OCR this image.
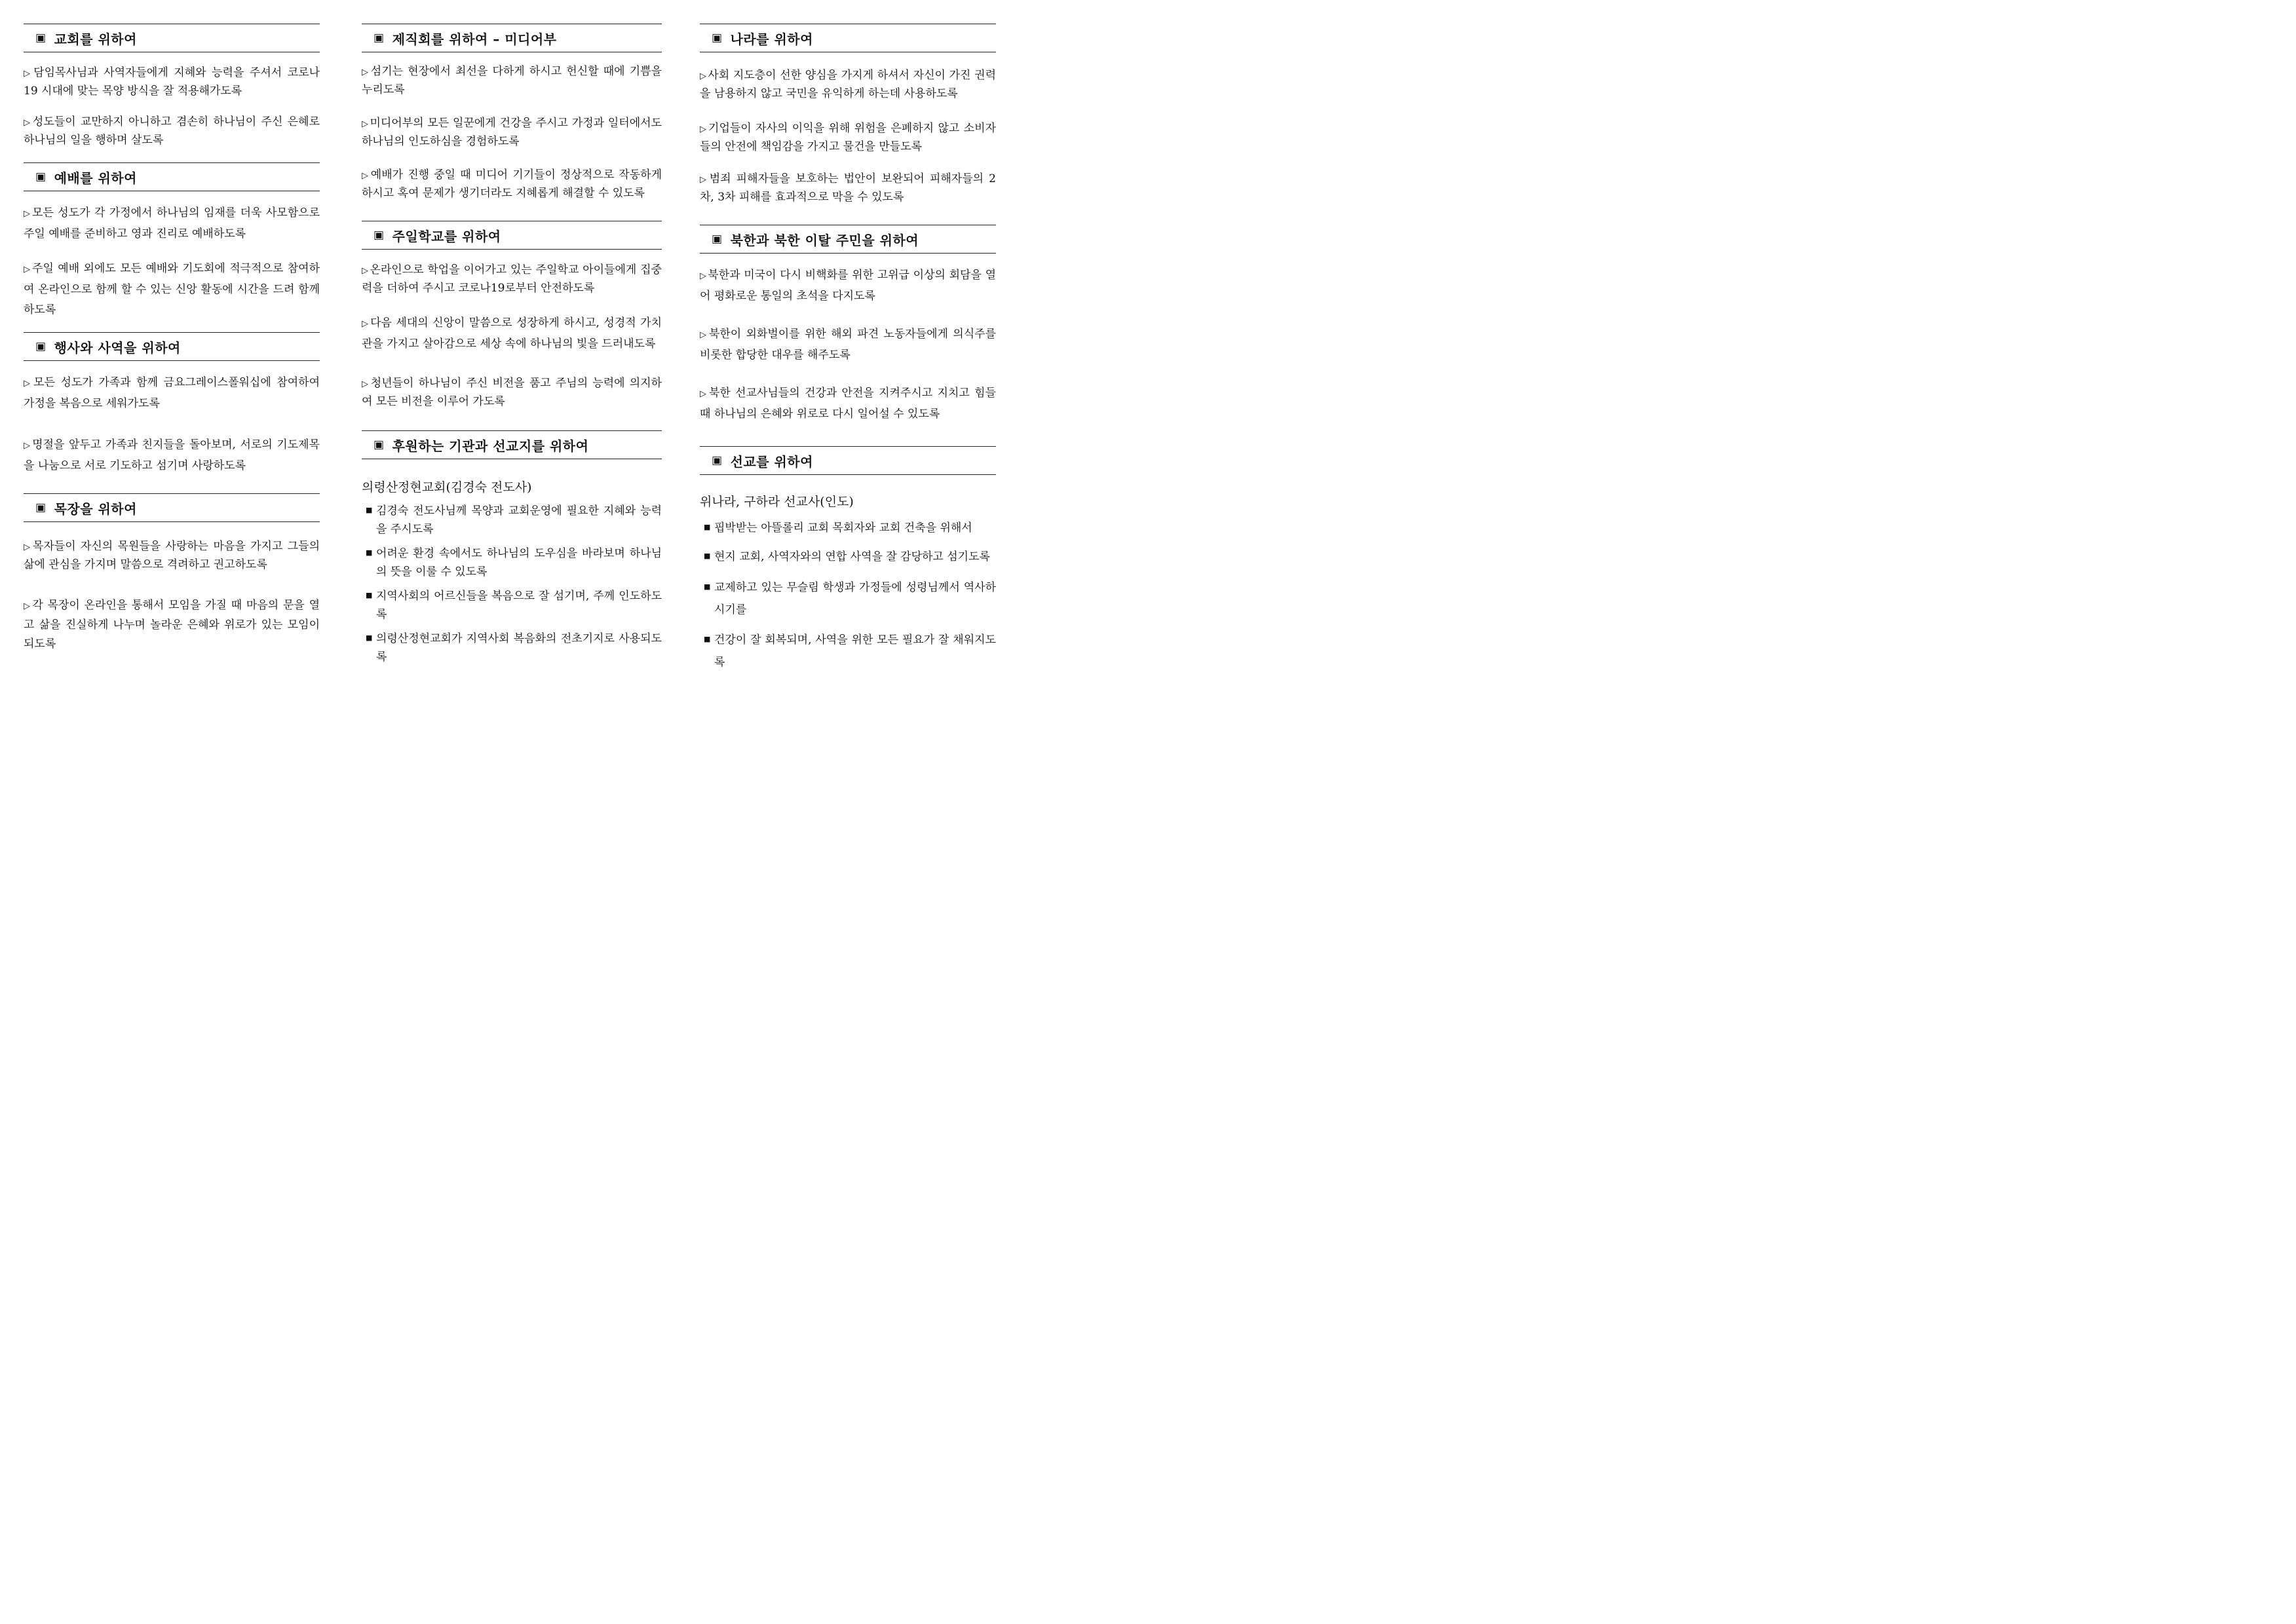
▣ 교회를 위하여
▷ 담임목사님과 사역자들에게 지혜와 능력을 주셔서 코로나19 시대에 맞는 목양 방식을 잘 적용해가도록
▷ 성도들이 교만하지 아니하고 겸손히 하나님이 주신 은혜로 하나님의 일을 행하며 살도록
▣ 예배를 위하여
▷ 모든 성도가 각 가정에서 하나님의 임재를 더욱 사모함으로 주일 예배를 준비하고 영과 진리로 예배하도록
▷ 주일 예배 외에도 모든 예배와 기도회에 적극적으로 참여하여 온라인으로 함께 할 수 있는 신앙 활동에 시간을 드려 함께 하도록
▣ 행사와 사역을 위하여
▷ 모든 성도가 가족과 함께 금요그레이스폴워십에 참여하여 가정을 복음으로 세워가도록
▷ 명절을 앞두고 가족과 친지들을 돌아보며, 서로의 기도제목을 나눔으로 서로 기도하고 섬기며 사랑하도록
▣ 목장을 위하여
▷ 목자들이 자신의 목원들을 사랑하는 마음을 가지고 그들의 삶에 관심을 가지며 말씀으로 격려하고 권고하도록
▷ 각 목장이 온라인을 통해서 모임을 가질 때 마음의 문을 열고 삶을 진실하게 나누며 놀라운 은혜와 위로가 있는 모임이 되도록
▣ 제직회를 위하여 – 미디어부
▷ 섬기는 현장에서 최선을 다하게 하시고 헌신할 때에 기쁨을 누리도록
▷ 미디어부의 모든 일꾼에게 건강을 주시고 가정과 일터에서도 하나님의 인도하심을 경험하도록
▷ 예배가 진행 중일 때 미디어 기기들이 정상적으로 작동하게 하시고 혹여 문제가 생기더라도 지혜롭게 해결할 수 있도록
▣ 주일학교를 위하여
▷ 온라인으로 학업을 이어가고 있는 주일학교 아이들에게 집중력을 더하여 주시고 코로나19로부터 안전하도록
▷ 다음 세대의 신앙이 말씀으로 성장하게 하시고, 성경적 가치관을 가지고 살아감으로 세상 속에 하나님의 빛을 드러내도록
▷ 청년들이 하나님이 주신 비전을 품고 주님의 능력에 의지하여 모든 비전을 이루어 가도록
▣ 후원하는 기관과 선교지를 위하여
의령산정현교회(김경숙 전도사)
■ 김경숙 전도사님께 목양과 교회운영에 필요한 지혜와 능력을 주시도록
■ 어려운 환경 속에서도 하나님의 도우심을 바라보며 하나님의 뜻을 이룰 수 있도록
■ 지역사회의 어르신들을 복음으로 잘 섬기며, 주께 인도하도록
■ 의령산정현교회가 지역사회 복음화의 전초기지로 사용되도록
▣ 나라를 위하여
▷ 사회 지도층이 선한 양심을 가지게 하셔서 자신이 가진 권력을 남용하지 않고 국민을 유익하게 하는데 사용하도록
▷ 기업들이 자사의 이익을 위해 위험을 은폐하지 않고 소비자들의 안전에 책임감을 가지고 물건을 만들도록
▷ 범죄 피해자들을 보호하는 법안이 보완되어 피해자들의 2차, 3차 피해를 효과적으로 막을 수 있도록
▣ 북한과 북한 이탈 주민을 위하여
▷ 북한과 미국이 다시 비핵화를 위한 고위급 이상의 회담을 열어 평화로운 통일의 초석을 다지도록
▷ 북한이 외화벌이를 위한 해외 파견 노동자들에게 의식주를 비롯한 합당한 대우를 해주도록
▷ 북한 선교사님들의 건강과 안전을 지켜주시고 지치고 힘들 때 하나님의 은혜와 위로로 다시 일어설 수 있도록
▣ 선교를 위하여
위나라, 구하라 선교사(인도)
■ 핍박받는 아뜰롤리 교회 목회자와 교회 건축을 위해서
■ 현지 교회, 사역자와의 연합 사역을 잘 감당하고 섬기도록
■ 교제하고 있는 무슬림 학생과 가정들에 성령님께서 역사하시기를
■ 건강이 잘 회복되며, 사역을 위한 모든 필요가 잘 채워지도록
